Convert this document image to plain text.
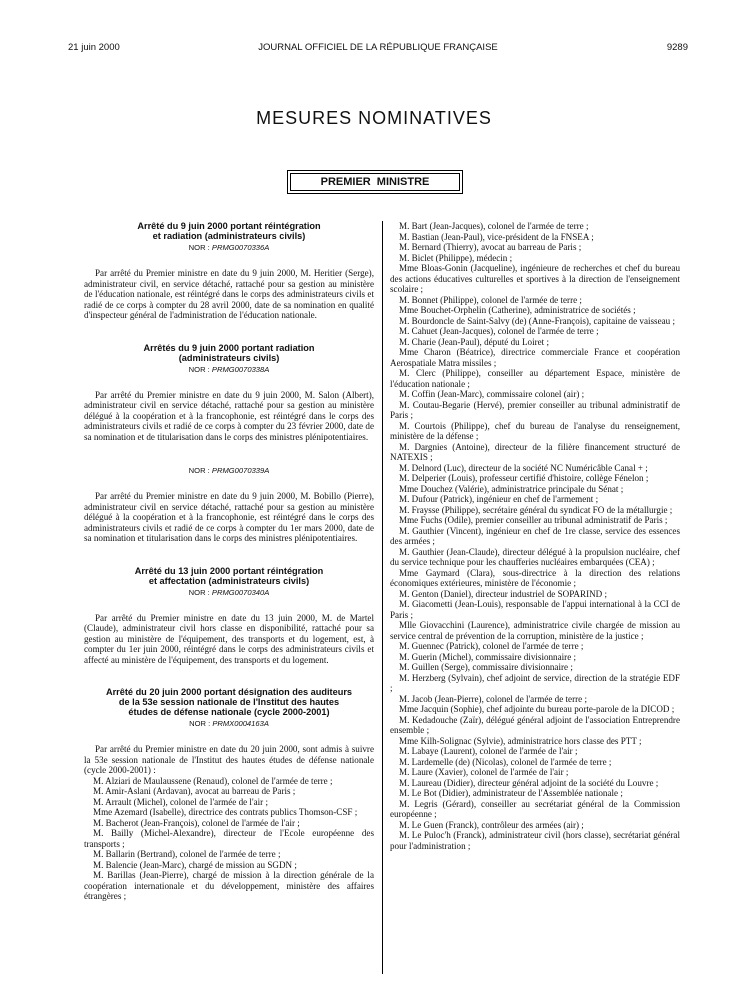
21 juin 2000	JOURNAL OFFICIEL DE LA RÉPUBLIQUE FRANÇAISE	9289
MESURES NOMINATIVES
PREMIER MINISTRE

Arrêté du 9 juin 2000 portant réintégration
et radiation (administrateurs civils)

NOR : PRMG0070336A

Par arrêté du Premier ministre en date du 9 juin 2000, M. Heritier (Serge), administrateur civil, en service détaché, rattaché pour sa gestion au ministère de l'éducation nationale, est réintégré dans le corps des administrateurs civils et radié de ce corps à compter du 28 avril 2000, date de sa nomination en qualité d'inspecteur général de l'administration de l'éducation nationale.

Arrêtés du 9 juin 2000 portant radiation
(administrateurs civils)

NOR : PRMG0070338A

Par arrêté du Premier ministre en date du 9 juin 2000, M. Salon (Albert), administrateur civil en service détaché, rattaché pour sa gestion au ministère délégué à la coopération et à la francophonie, est réintégré dans le corps des administrateurs civils et radié de ce corps à compter du 23 février 2000, date de sa nomination et de titularisation dans le corps des ministres plénipotentiaires.

NOR : PRMG0070339A

Par arrêté du Premier ministre en date du 9 juin 2000, M. Bobillo (Pierre), administrateur civil en service détaché, rattaché pour sa gestion au ministère délégué à la coopération et à la francophonie, est réintégré dans le corps des administrateurs civils et radié de ce corps à compter du 1er mars 2000, date de sa nomination et titularisation dans le corps des ministres plénipotentiaires.

Arrêté du 13 juin 2000 portant réintégration
et affectation (administrateurs civils)

NOR : PRMG0070340A

Par arrêté du Premier ministre en date du 13 juin 2000, M. de Martel (Claude), administrateur civil hors classe en disponibilité, rattaché pour sa gestion au ministère de l'équipement, des transports et du logement, est, à compter du 1er juin 2000, réintégré dans le corps des administrateurs civils et affecté au ministère de l'équipement, des transports et du logement.

Arrêté du 20 juin 2000 portant désignation des auditeurs
de la 53e session nationale de l'Institut des hautes
études de défense nationale (cycle 2000-2001)

NOR : PRMX0004163A

Par arrêté du Premier ministre en date du 20 juin 2000, sont admis à suivre la 53e session nationale de l'Institut des hautes études de défense nationale (cycle 2000-2001) :

M. Alziari de Maulaussene (Renaud), colonel de l'armée de terre ;

M. Amir-Aslani (Ardavan), avocat au barreau de Paris ;

M. Arrault (Michel), colonel de l'armée de l'air ;

Mme Azemard (Isabelle), directrice des contrats publics Thomson-CSF ;

M. Bacherot (Jean-François), colonel de l'armée de l'air ;

M. Bailly (Michel-Alexandre), directeur de l'Ecole européenne des transports ;

M. Ballarin (Bertrand), colonel de l'armée de terre ;

M. Balencie (Jean-Marc), chargé de mission au SGDN ;

M. Barillas (Jean-Pierre), chargé de mission à la direction générale de la coopération internationale et du développement, ministère des affaires étrangères ;

M. Bart (Jean-Jacques), colonel de l'armée de terre ;

M. Bastian (Jean-Paul), vice-président de la FNSEA ;

M. Bernard (Thierry), avocat au barreau de Paris ;

M. Biclet (Philippe), médecin ;

Mme Bloas-Gonin (Jacqueline), ingénieure de recherches et chef du bureau des actions éducatives culturelles et sportives à la direction de l'enseignement scolaire ;

M. Bonnet (Philippe), colonel de l'armée de terre ;

Mme Bouchet-Orphelin (Catherine), administratrice de sociétés ;

M. Bourdoncle de Saint-Salvy (de) (Anne-François), capitaine de vaisseau ;

M. Cahuet (Jean-Jacques), colonel de l'armée de terre ;

M. Charie (Jean-Paul), député du Loiret ;

Mme Charon (Béatrice), directrice commerciale France et coopération Aerospatiale Matra missiles ;

M. Clerc (Philippe), conseiller au département Espace, ministère de l'éducation nationale ;

M. Coffin (Jean-Marc), commissaire colonel (air) ;

M. Coutau-Begarie (Hervé), premier conseiller au tribunal administratif de Paris ;

M. Courtois (Philippe), chef du bureau de l'analyse du renseignement, ministère de la défense ;

M. Dargnies (Antoine), directeur de la filière financement structuré de NATEXIS ;

M. Delnord (Luc), directeur de la société NC Numéricâble Canal + ;

M. Delperier (Louis), professeur certifié d'histoire, collège Fénelon ;

Mme Douchez (Valérie), administratrice principale du Sénat ;

M. Dufour (Patrick), ingénieur en chef de l'armement ;

M. Fraysse (Philippe), secrétaire général du syndicat FO de la métallurgie ;

Mme Fuchs (Odile), premier conseiller au tribunal administratif de Paris ;

M. Gauthier (Vincent), ingénieur en chef de 1re classe, service des essences des armées ;

M. Gauthier (Jean-Claude), directeur délégué à la propulsion nucléaire, chef du service technique pour les chaufferies nucléaires embarquées (CEA) ;

Mme Gaymard (Clara), sous-directrice à la direction des relations économiques extérieures, ministère de l'économie ;

M. Genton (Daniel), directeur industriel de SOPARIND ;

M. Giacometti (Jean-Louis), responsable de l'appui international à la CCI de Paris ;

Mlle Giovacchini (Laurence), administratrice civile chargée de mission au service central de prévention de la corruption, ministère de la justice ;

M. Guennec (Patrick), colonel de l'armée de terre ;

M. Guerin (Michel), commissaire divisionnaire ;

M. Guillen (Serge), commissaire divisionnaire ;

M. Herzberg (Sylvain), chef adjoint de service, direction de la stratégie EDF ;

M. Jacob (Jean-Pierre), colonel de l'armée de terre ;

Mme Jacquin (Sophie), chef adjointe du bureau porte-parole de la DICOD ;

M. Kedadouche (Zaïr), délégué général adjoint de l'association Entreprendre ensemble ;

Mme Kilh-Solignac (Sylvie), administratrice hors classe des PTT ;

M. Labaye (Laurent), colonel de l'armée de l'air ;

M. Lardemelle (de) (Nicolas), colonel de l'armée de terre ;

M. Laure (Xavier), colonel de l'armée de l'air ;

M. Laureau (Didier), directeur général adjoint de la société du Louvre ;

M. Le Bot (Didier), administrateur de l'Assemblée nationale ;

M. Legris (Gérard), conseiller au secrétariat général de la Commission européenne ;

M. Le Guen (Franck), contrôleur des armées (air) ;

M. Le Puloc'h (Franck), administrateur civil (hors classe), secrétariat général pour l'administration ;
